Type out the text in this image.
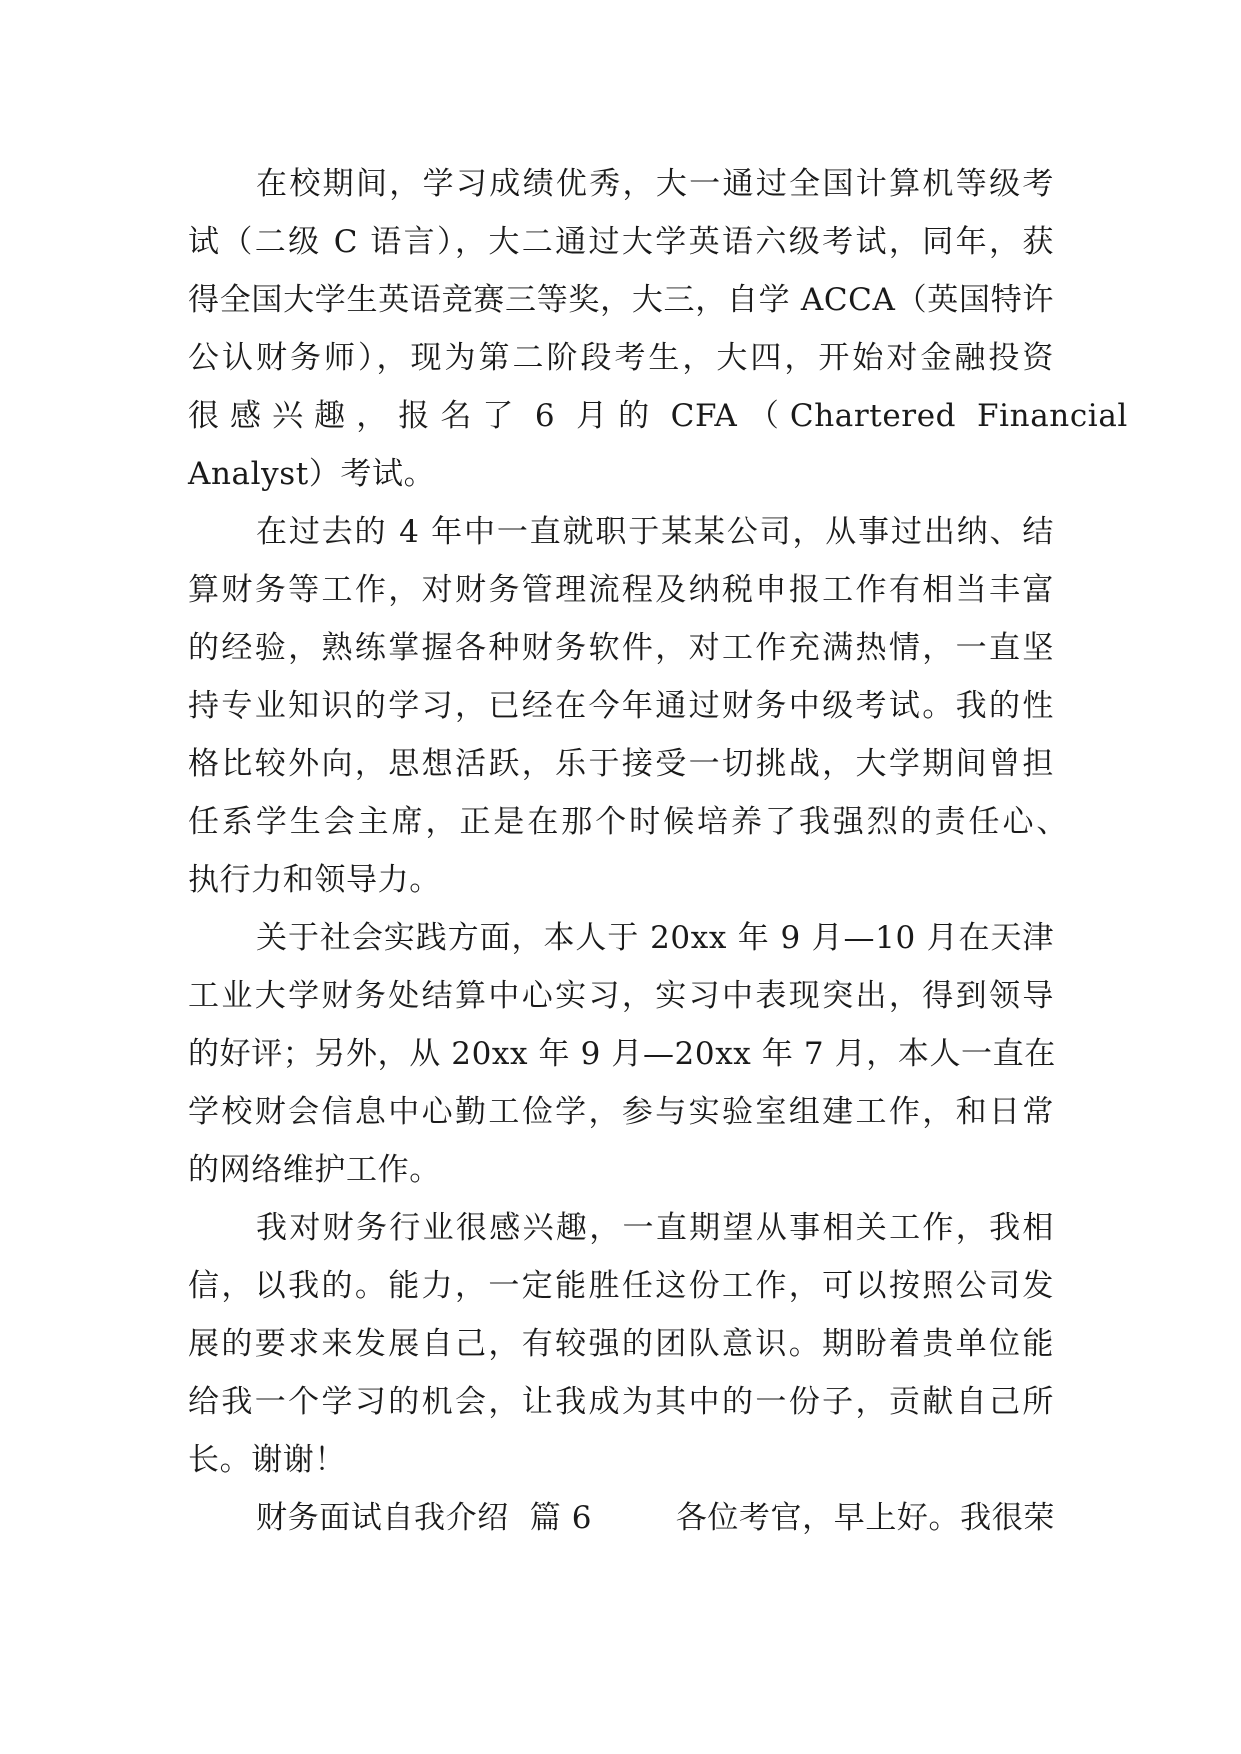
在校期间，学习成绩优秀，大一通过全国计算机等级考
试（二级 C 语言），大二通过大学英语六级考试，同年，获
得全国大学生英语竞赛三等奖，大三，自学 ACCA（英国特许
公认财务师），现为第二阶段考生，大四，开始对金融投资
很 感 兴 趣 ， 报 名 了  6  月 的  CFA （ Chartered  Financial
Analyst）考试。
在过去的 4 年中一直就职于某某公司，从事过出纳、结
算财务等工作，对财务管理流程及纳税申报工作有相当丰富
的经验，熟练掌握各种财务软件，对工作充满热情，一直坚
持专业知识的学习，已经在今年通过财务中级考试。我的性
格比较外向，思想活跃，乐于接受一切挑战，大学期间曾担
任系学生会主席，正是在那个时候培养了我强烈的责任心、
执行力和领导力。
关于社会实践方面，本人于 20xx 年 9 月—10 月在天津
工业大学财务处结算中心实习，实习中表现突出，得到领导
的好评；另外，从 20xx 年 9 月—20xx 年 7 月，本人一直在
学校财会信息中心勤工俭学，参与实验室组建工作，和日常
的网络维护工作。
我对财务行业很感兴趣，一直期望从事相关工作，我相
信，以我的。能力，一定能胜任这份工作，可以按照公司发
展的要求来发展自己，有较强的团队意识。期盼着贵单位能
给我一个学习的机会，让我成为其中的一份子，贡献自己所
长。谢谢！
财务面试自我介绍  篇 6        各位考官，早上好。我很荣
